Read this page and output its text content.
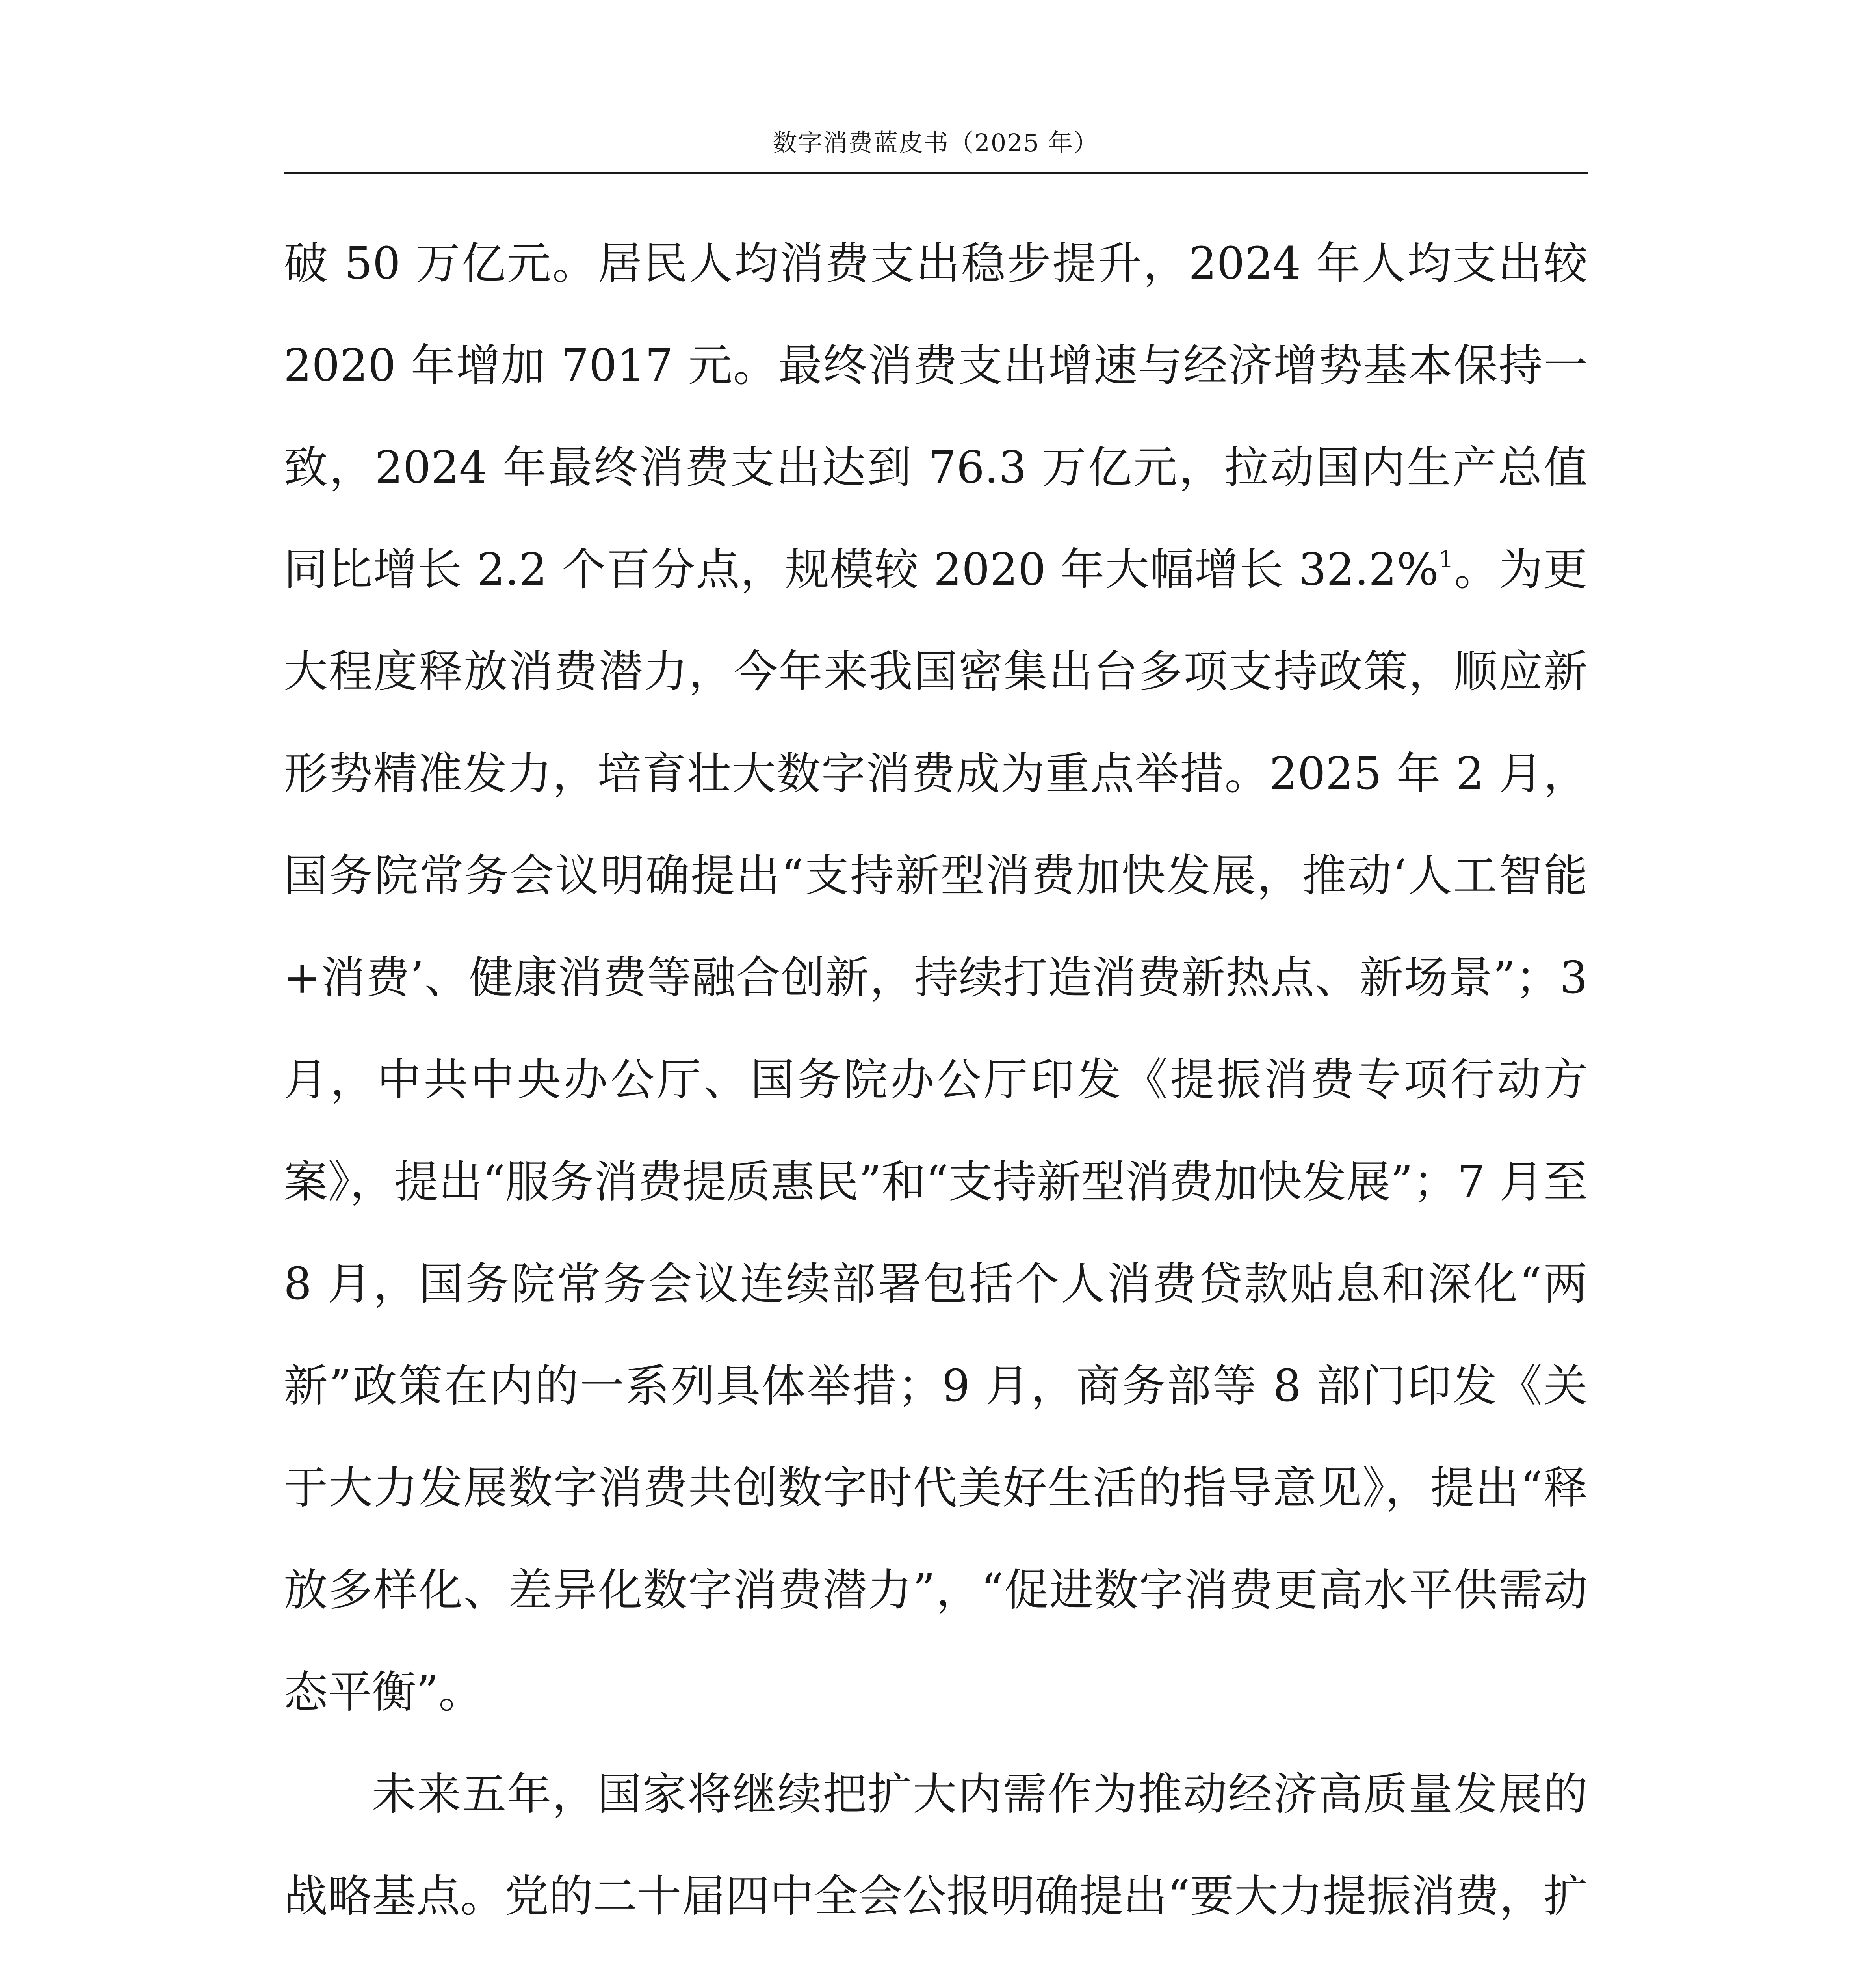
数字消费蓝皮书（2025 年）

破 50 万亿元。居民人均消费支出稳步提升，2024 年人均支出较 2020 年增加 7017 元。最终消费支出增速与经济增势基本保持一致，2024 年最终消费支出达到 76.3 万亿元，拉动国内生产总值同比增长 2.2 个百分点，规模较 2020 年大幅增长 32.2%$^1$。为更大程度释放消费潜力，今年来我国密集出台多项支持政策，顺应新形势精准发力，培育壮大数字消费成为重点举措。2025 年 2 月，国务院常务会议明确提出“支持新型消费加快发展，推动‘人工智能+消费’、健康消费等融合创新，持续打造消费新热点、新场景”；3 月，中共中央办公厅、国务院办公厅印发《提振消费专项行动方案》，提出“服务消费提质惠民”和“支持新型消费加快发展”；7 月至 8 月，国务院常务会议连续部署包括个人消费贷款贴息和深化“两新”政策在内的一系列具体举措；9 月，商务部等 8 部门印发《关于大力发展数字消费共创数字时代美好生活的指导意见》，提出“释放多样化、差异化数字消费潜力”，“促进数字消费更高水平供需动态平衡”。

未来五年，国家将继续把扩大内需作为推动经济高质量发展的战略基点。党的二十届四中全会公报明确提出“要大力提振消费，扩
